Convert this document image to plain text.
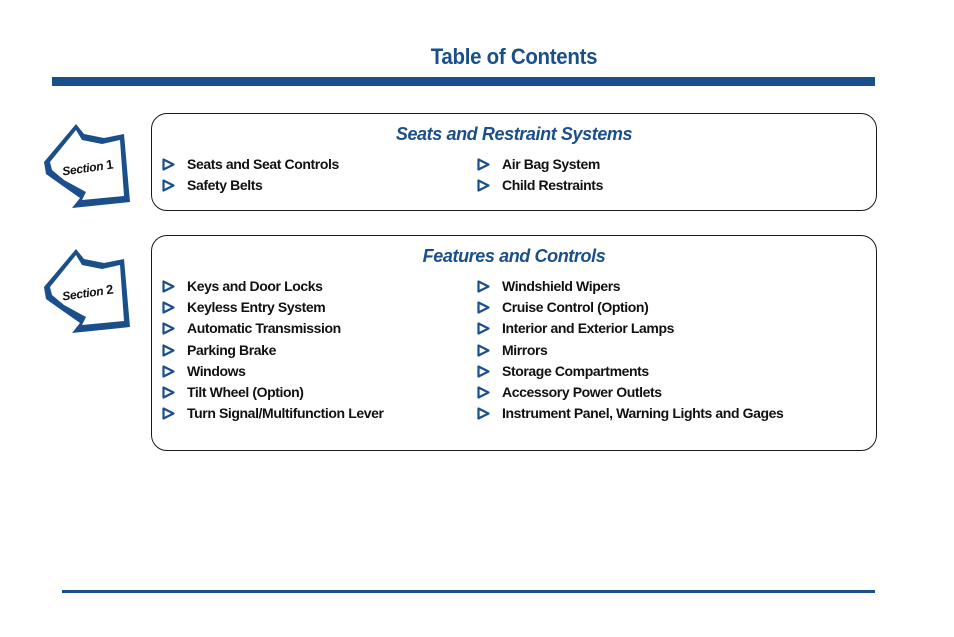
Table of Contents
Section1
Seats and Restraint Systems
Seats and Seat Controls
Safety Belts
Air Bag System
Child Restraints
Section2
Features and Controls
Keys and Door Locks
Keyless Entry System
Automatic Transmission
Parking Brake
Windows
Tilt Wheel (Option)
Turn Signal/Multifunction Lever
Windshield Wipers
Cruise Control (Option)
Interior and Exterior Lamps
Mirrors
Storage Compartments
Accessory Power Outlets
Instrument Panel, Warning Lights and Gages
